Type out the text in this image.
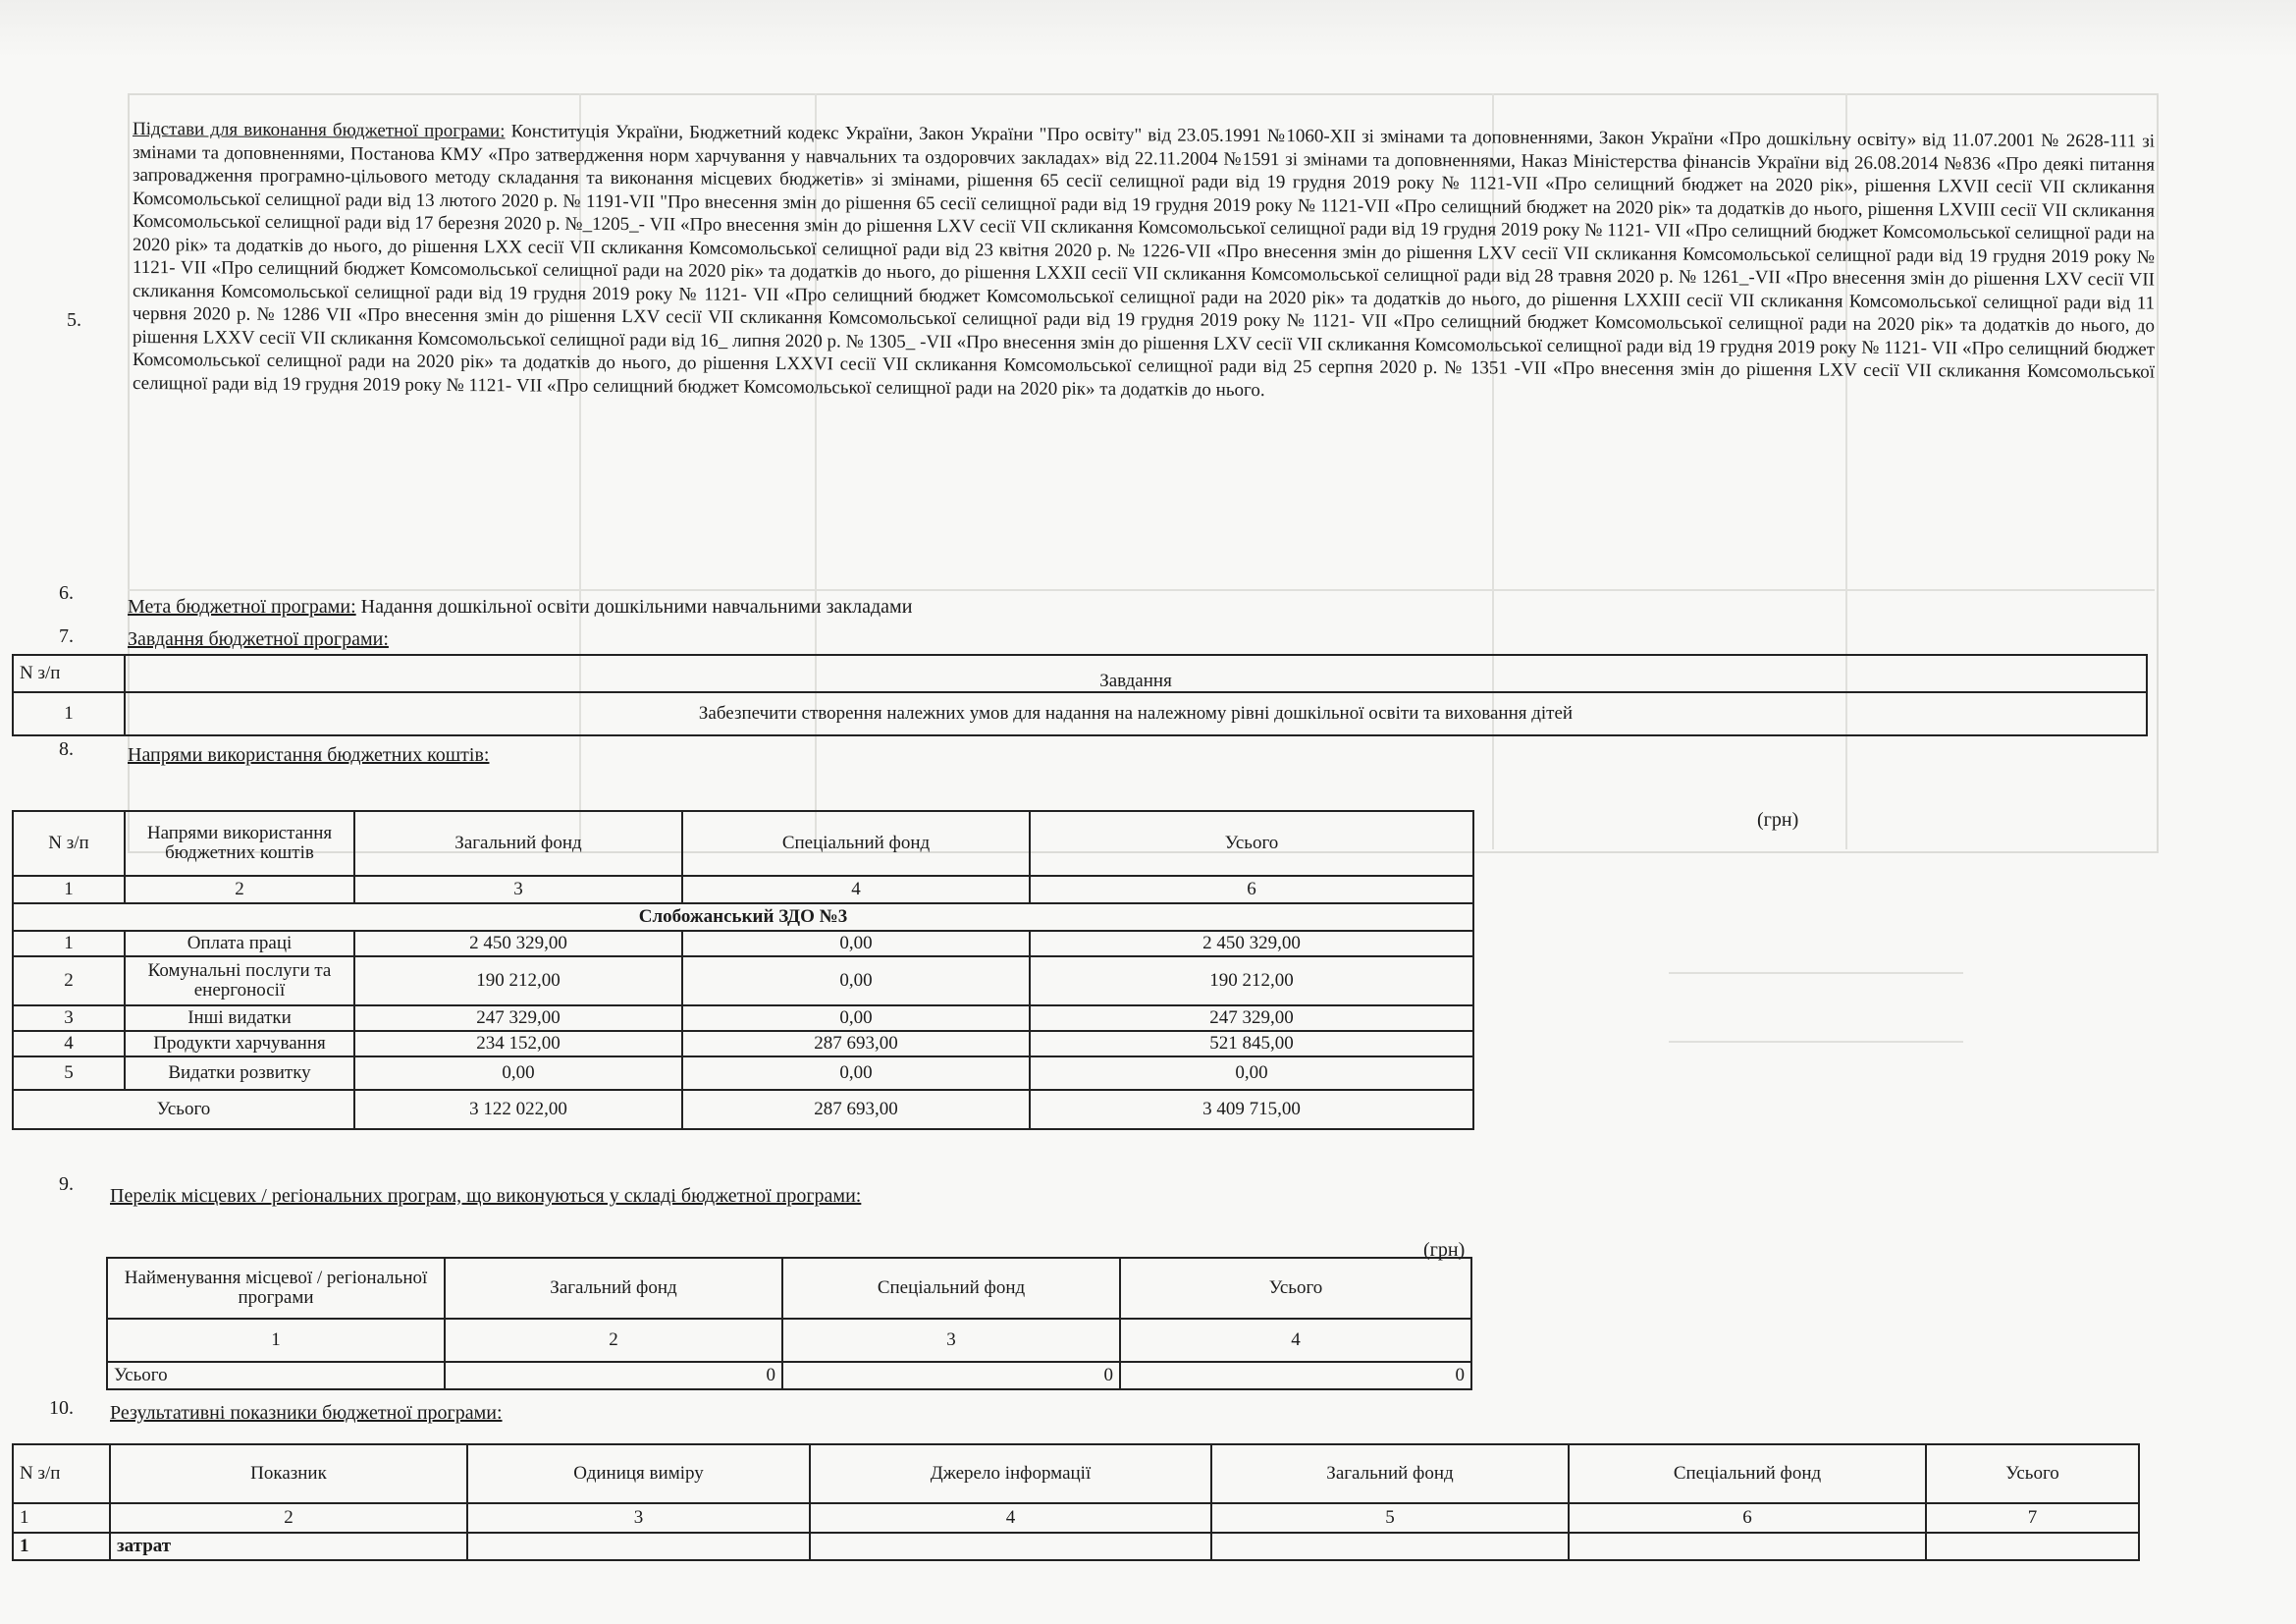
5.
Підстави для виконання бюджетної програми: Конституція України, Бюджетний кодекс України, Закон України "Про освіту" від 23.05.1991 №1060-XII зі змінами та доповненнями, Закон України «Про дошкільну освіту» від 11.07.2001 № 2628-111 зі змінами та доповненнями, Постанова КМУ «Про затвердження норм харчування у навчальних та оздоровчих закладах» від 22.11.2004 №1591 зі змінами та доповненнями, Наказ Міністерства фінансів України від 26.08.2014 №836 «Про деякі питання запровадження програмно-цільового методу складання та виконання місцевих бюджетів» зі змінами, рішення 65 сесії селищної ради від 19 грудня 2019 року № 1121-VII «Про селищний бюджет на 2020 рік», рішення LXVII сесії VII скликання Комсомольської селищної ради від 13 лютого 2020 р. № 1191-VII "Про внесення змін до рішення 65 сесії селищної ради від 19 грудня 2019 року № 1121-VII «Про селищний бюджет на 2020 рік» та додатків до нього, рішення LXVIII сесії VII скликання Комсомольської селищної ради від 17 березня 2020 р. №_1205_- VII «Про внесення змін до рішення LXV сесії VII скликання Комсомольської селищної ради від 19 грудня 2019 року № 1121- VII «Про селищний бюджет Комсомольської селищної ради на 2020 рік» та додатків до нього, до рішення LXX сесії VII скликання Комсомольської селищної ради від 23 квітня 2020 р. № 1226-VII «Про внесення змін до рішення LXV сесії VII скликання Комсомольської селищної ради від 19 грудня 2019 року № 1121- VII «Про селищний бюджет Комсомольської селищної ради на 2020 рік» та додатків до нього, до рішення LXXII сесії VII скликання Комсомольської селищної ради від 28 травня 2020 р. № 1261_-VII «Про внесення змін до рішення LXV сесії VII скликання Комсомольської селищної ради від 19 грудня 2019 року № 1121- VII «Про селищний бюджет Комсомольської селищної ради на 2020 рік» та додатків до нього, до рішення LXXIII сесії VII скликання Комсомольської селищної ради від 11 червня 2020 р. № 1286 VII «Про внесення змін до рішення LXV сесії VII скликання Комсомольської селищної ради від 19 грудня 2019 року № 1121- VII «Про селищний бюджет Комсомольської селищної ради на 2020 рік» та додатків до нього, до рішення LXXV сесії VII скликання Комсомольської селищної ради від 16_ липня 2020 р. № 1305_ -VII «Про внесення змін до рішення LXV сесії VII скликання Комсомольської селищної ради від 19 грудня 2019 року № 1121- VII «Про селищний бюджет Комсомольської селищної ради на 2020 рік» та додатків до нього, до рішення LXXVI сесії VII скликання Комсомольської селищної ради від 25 серпня 2020 р. № 1351 -VII «Про внесення змін до рішення LXV сесії VII скликання Комсомольської селищної ради від 19 грудня 2019 року № 1121- VII «Про селищний бюджет Комсомольської селищної ради на 2020 рік» та додатків до нього.
6.
Мета бюджетної програми: Надання дошкільної освіти дошкільними навчальними закладами
7.	Завдання бюджетної програми:
N з/п	Завдання
1	Забезпечити створення належних умов для надання на належному рівні дошкільної освіти та виховання дітей
8.	Напрями використання бюджетних коштів:
(грн)
N з/п	Напрями використання бюджетних коштів	Загальний фонд	Спеціальний фонд	Усього
1	2	3	4	6
Слобожанський ЗДО №3				
1	Оплата праці	2 450 329,00	0,00	2 450 329,00
2	Комунальні послуги та енергоносії	190 212,00	0,00	190 212,00
3	Інші видатки	247 329,00	0,00	247 329,00
4	Продукти харчування	234 152,00	287 693,00	521 845,00
5	Видатки розвитку	0,00	0,00	0,00
Усього		3 122 022,00	287 693,00	3 409 715,00
9.
Перелік місцевих / регіональних програм, що виконуються у складі бюджетної програми:
(грн)
Найменування місцевої / регіональної програми	Загальний фонд	Спеціальний фонд	Усього
1	2	3	4
Усього	0	0	0
10. Результативні показники бюджетної програми:
N з/п	Показник	Одиниця виміру	Джерело інформації	Загальний фонд	Спеціальний фонд	Усього
1	2	3	4	5	6	7
1	затрат					
